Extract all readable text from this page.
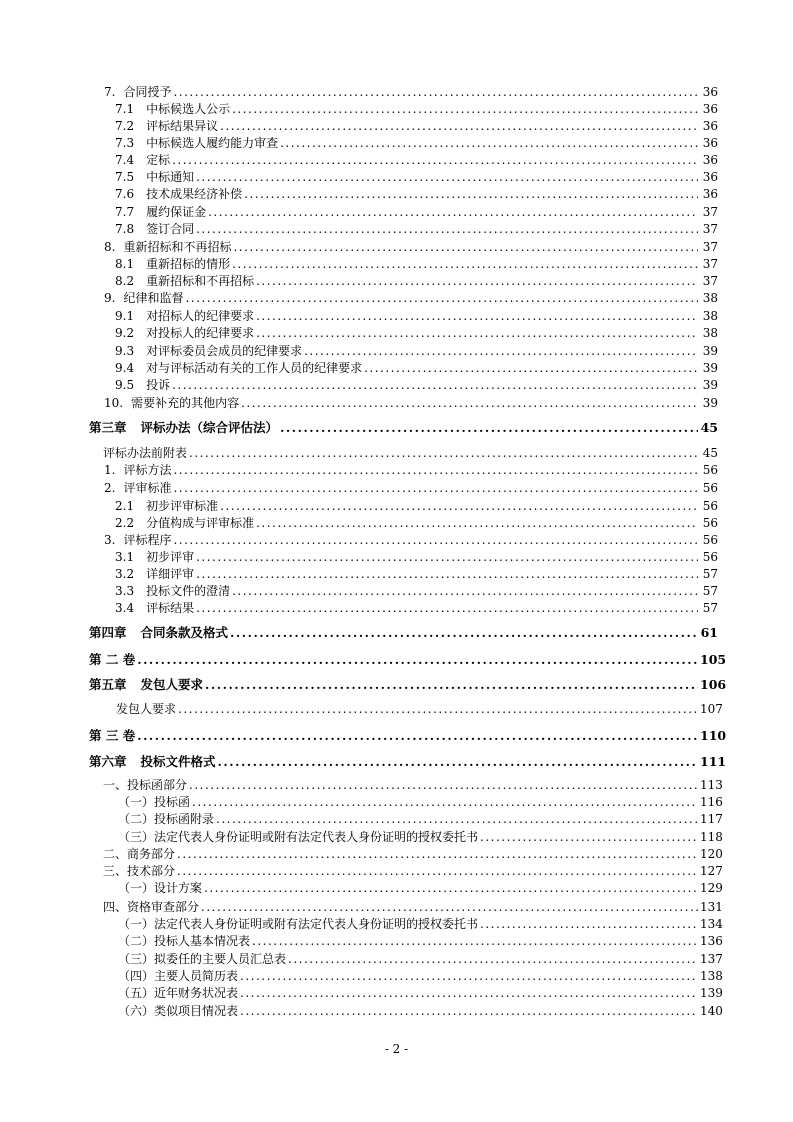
7. 合同授予 .....	36
7.1 中标候选人公示 .....	36
7.2 评标结果异议 .....	36
7.3 中标候选人履约能力审查 .....	36
7.4 定标 .....	36
7.5 中标通知 .....	36
7.6 技术成果经济补偿 .....	36
7.7 履约保证金 .....	37
7.8 签订合同 .....	37
8. 重新招标和不再招标 .....	37
8.1 重新招标的情形 .....	37
8.2 重新招标和不再招标 .....	37
9. 纪律和监督 .....	38
9.1 对招标人的纪律要求 .....	38
9.2 对投标人的纪律要求 .....	38
9.3 对评标委员会成员的纪律要求 .....	39
9.4 对与评标活动有关的工作人员的纪律要求 .....	39
9.5 投诉 .....	39
10. 需要补充的其他内容 .....	39
第三章 评标办法（综合评估法） .....	45
评标办法前附表 .....	45
1. 评标方法 .....	56
2. 评审标准 .....	56
2.1 初步评审标准 .....	56
2.2 分值构成与评审标准 .....	56
3. 评标程序 .....	56
3.1 初步评审 .....	56
3.2 详细评审 .....	57
3.3 投标文件的澄清 .....	57
3.4 评标结果 .....	57
第四章 合同条款及格式 .....	61
第 二 卷 .....	105
第五章 发包人要求 .....	106
发包人要求 .....	107
第 三 卷 .....	110
第六章 投标文件格式 .....	111
一、投标函部分 .....	113
（一）投标函 .....	116
（二）投标函附录 .....	117
（三）法定代表人身份证明或附有法定代表人身份证明的授权委托书 .....	118
二、商务部分 .....	120
三、技术部分 .....	127
（一）设计方案 .....	129
四、资格审查部分 .....	131
（一）法定代表人身份证明或附有法定代表人身份证明的授权委托书 .....	134
（二）投标人基本情况表 .....	136
（三）拟委任的主要人员汇总表 .....	137
（四）主要人员简历表 .....	138
（五）近年财务状况表 .....	139
（六）类似项目情况表 .....	140
- 2 -
